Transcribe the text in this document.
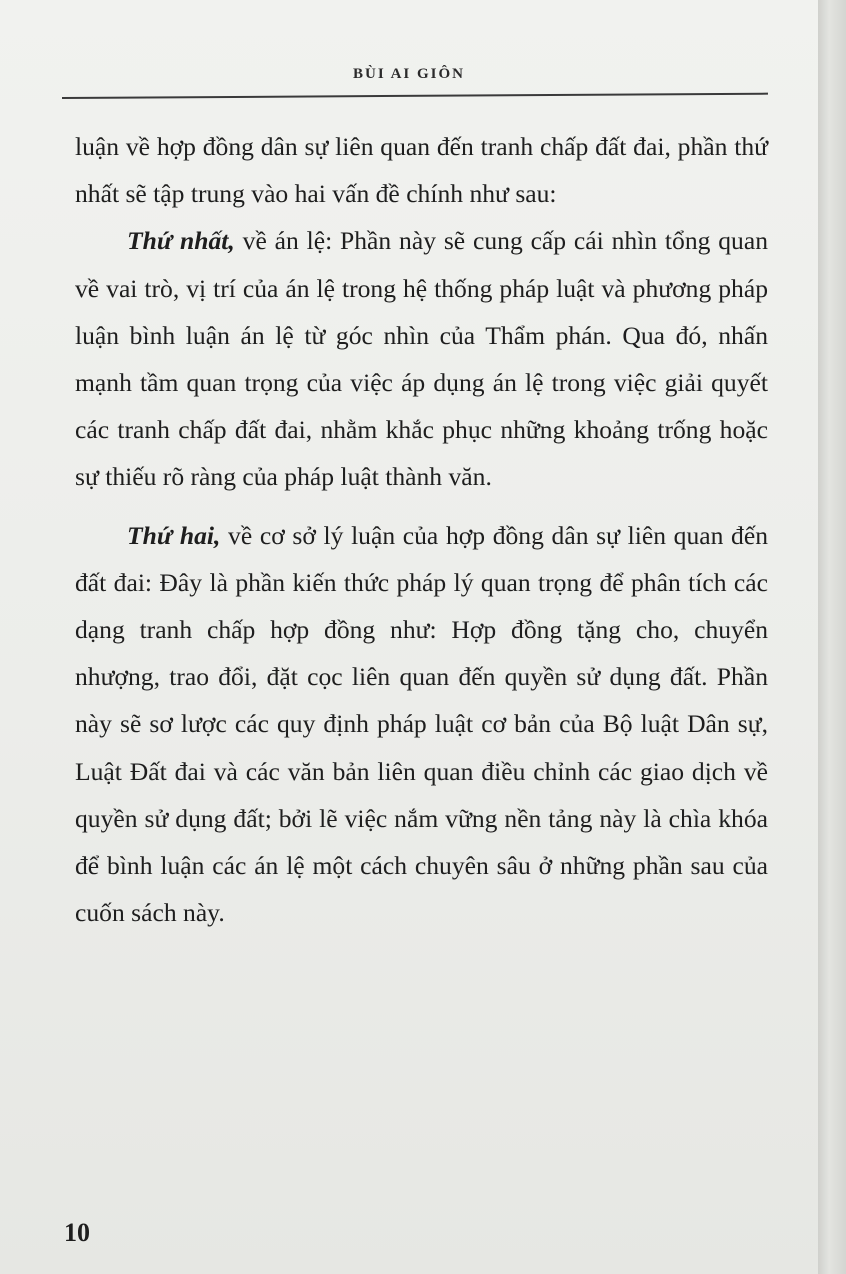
BÙI AI GIÔN

luận về hợp đồng dân sự liên quan đến tranh chấp đất đai, phần thứ nhất sẽ tập trung vào hai vấn đề chính như sau:

Thứ nhất, về án lệ: Phần này sẽ cung cấp cái nhìn tổng quan về vai trò, vị trí của án lệ trong hệ thống pháp luật và phương pháp luận bình luận án lệ từ góc nhìn của Thẩm phán. Qua đó, nhấn mạnh tầm quan trọng của việc áp dụng án lệ trong việc giải quyết các tranh chấp đất đai, nhằm khắc phục những khoảng trống hoặc sự thiếu rõ ràng của pháp luật thành văn.

Thứ hai, về cơ sở lý luận của hợp đồng dân sự liên quan đến đất đai: Đây là phần kiến thức pháp lý quan trọng để phân tích các dạng tranh chấp hợp đồng như: Hợp đồng tặng cho, chuyển nhượng, trao đổi, đặt cọc liên quan đến quyền sử dụng đất. Phần này sẽ sơ lược các quy định pháp luật cơ bản của Bộ luật Dân sự, Luật Đất đai và các văn bản liên quan điều chỉnh các giao dịch về quyền sử dụng đất; bởi lẽ việc nắm vững nền tảng này là chìa khóa để bình luận các án lệ một cách chuyên sâu ở những phần sau của cuốn sách này.

10
